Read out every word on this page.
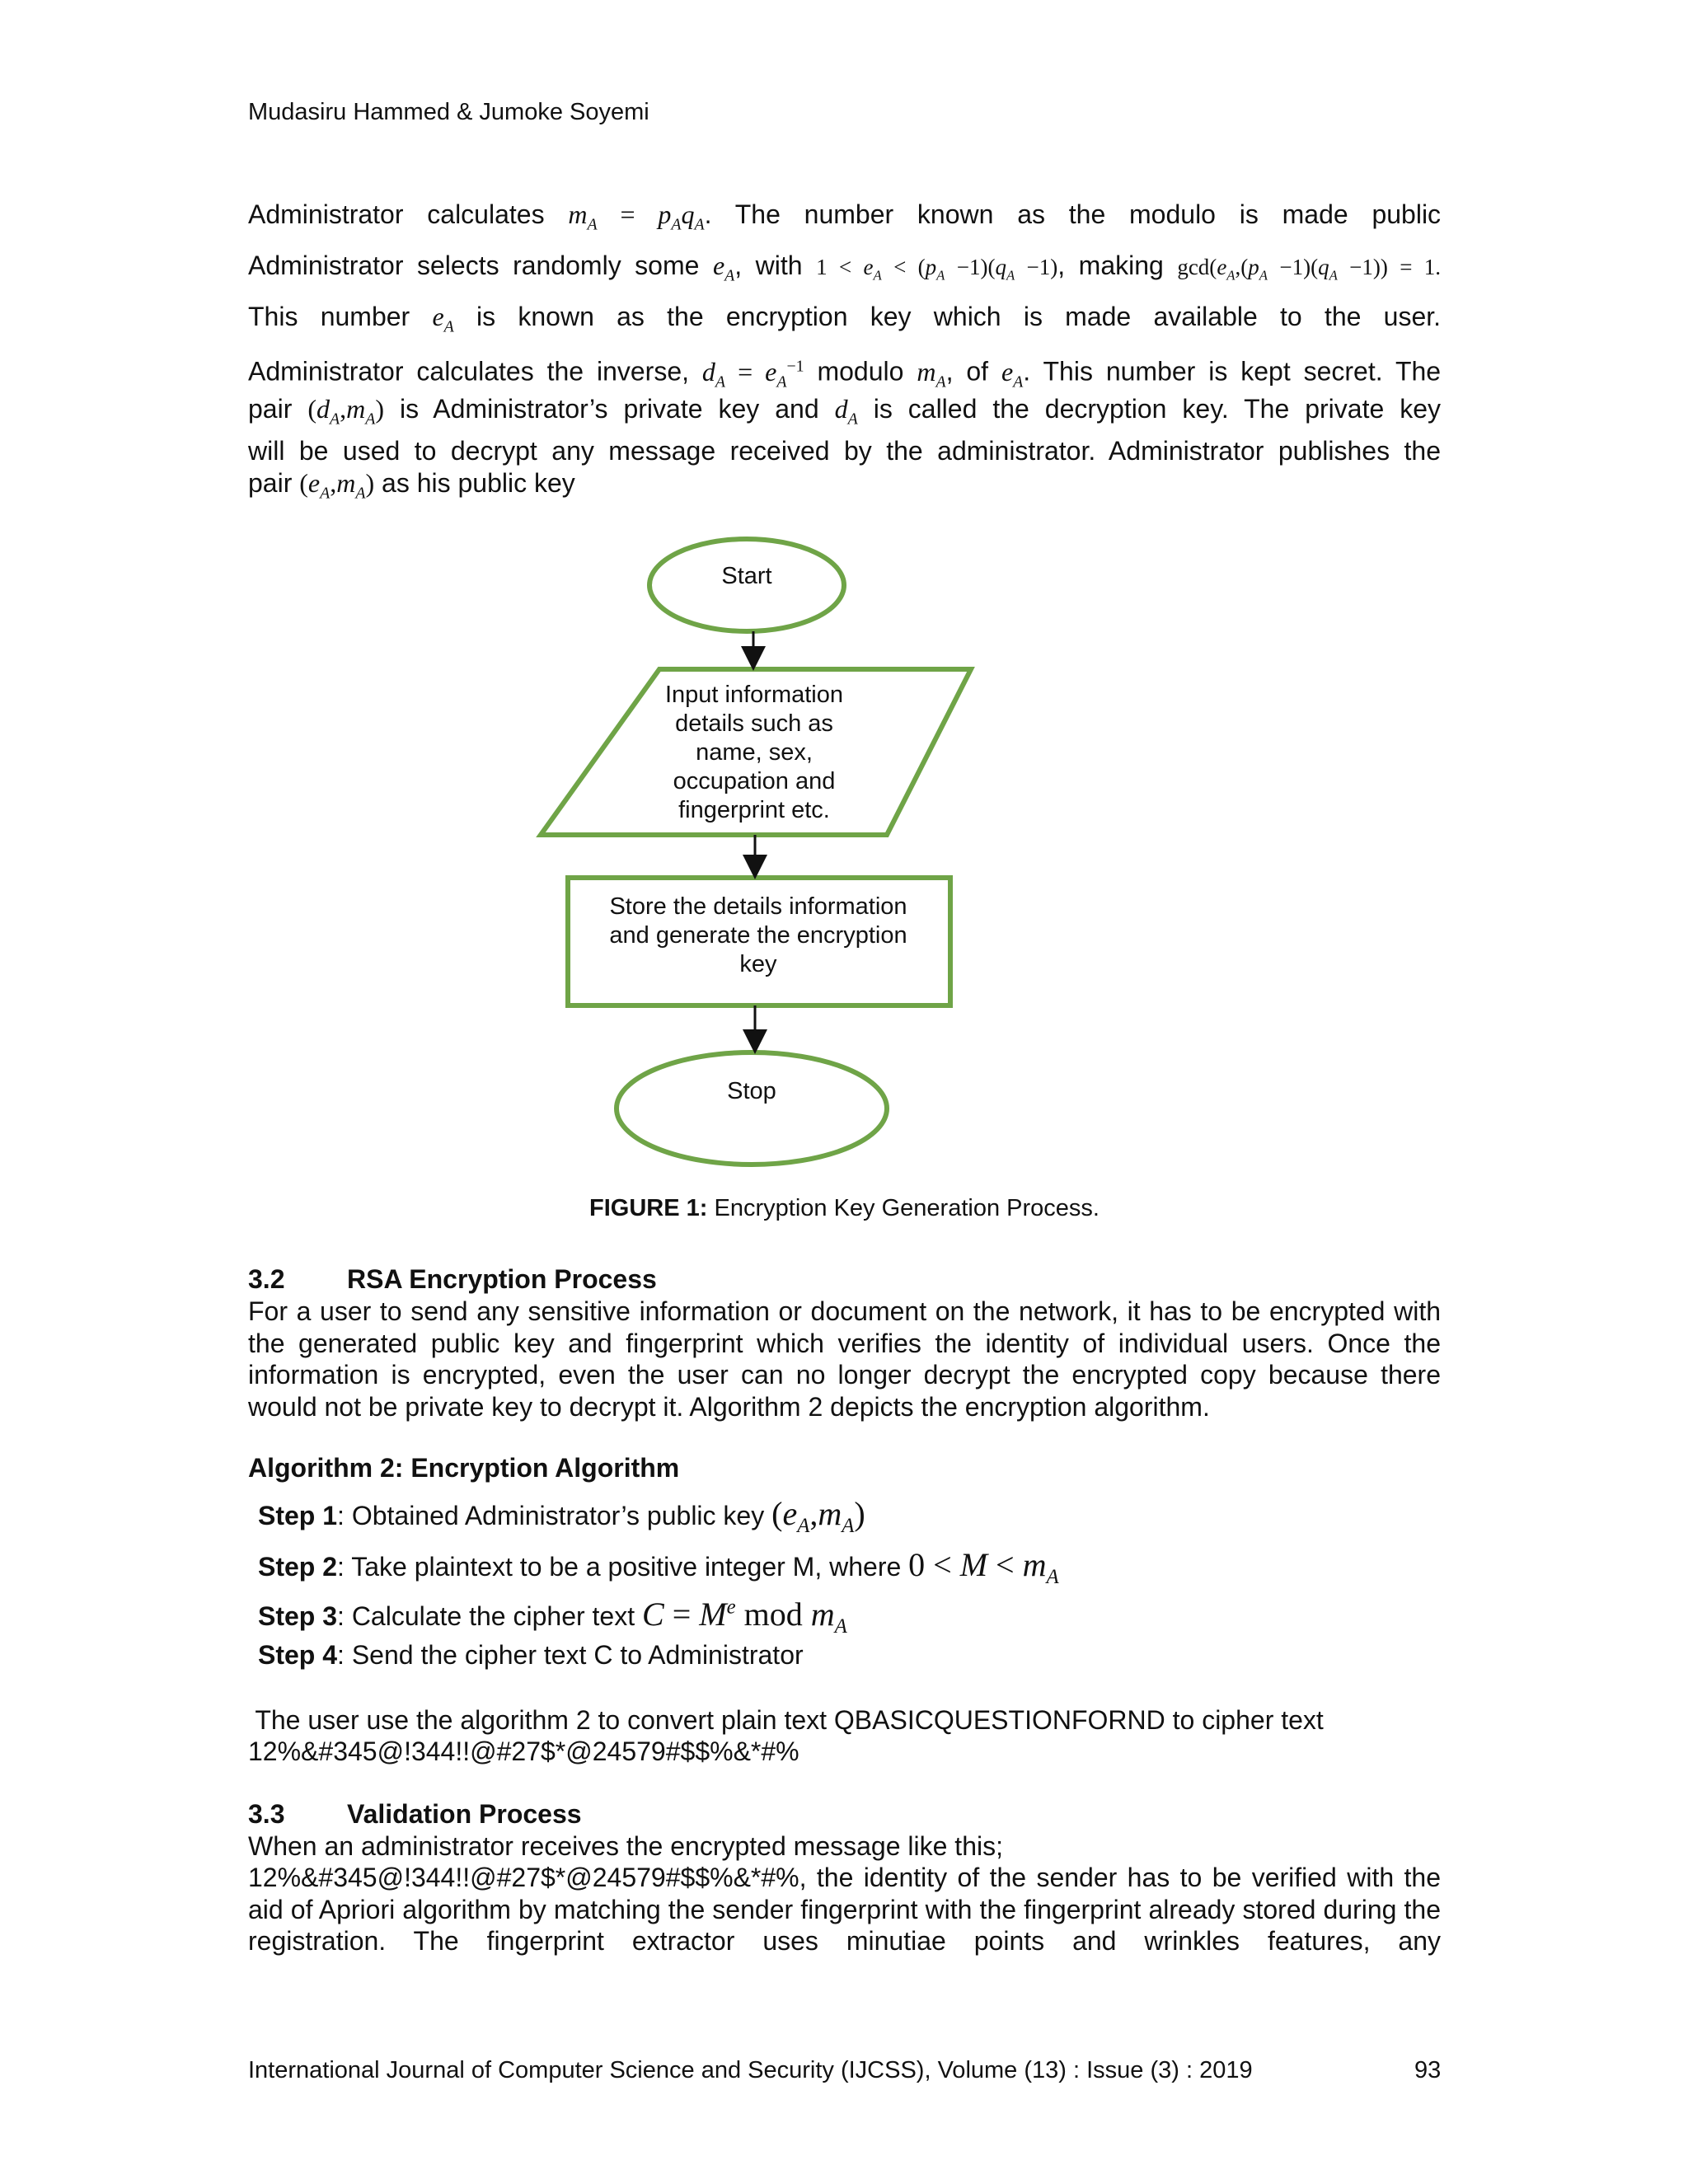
Mudasiru Hammed & Jumoke Soyemi
Administrator calculates $m_A = p_Aq_A$. The number known as the modulo is made public
Administrator selects randomly some $e_A$, with $1 < e_A < (p_A -1)(q_A -1)$, making $\gcd(e_A,(p_A -1)(q_A -1)) = 1$.
This number $e_A$ is known as the encryption key which is made available to the user.
Administrator calculates the inverse, $d_A = e_A^{-1}$ modulo $m_A$, of $e_A$. This number is kept secret. The
pair $(d_A,m_A)$ is Administrator’s private key and $d_A$ is called the decryption key. The private key
will be used to decrypt any message received by the administrator. Administrator publishes the
pair $(e_A,m_A)$ as his public key
Start
Input information details such as name, sex, occupation and fingerprint etc.
Store the details information and generate the encryption key
Stop
FIGURE 1: Encryption Key Generation Process.
3.2 RSA Encryption Process
For a user to send any sensitive information or document on the network, it has to be encrypted with the generated public key and fingerprint which verifies the identity of individual users. Once the information is encrypted, even the user can no longer decrypt the encrypted copy because there would not be private key to decrypt it. Algorithm 2 depicts the encryption algorithm.
Algorithm 2: Encryption Algorithm
Step 1: Obtained Administrator’s public key $(e_A,m_A)$
Step 2: Take plaintext to be a positive integer M, where $0 < M < m_A$
Step 3: Calculate the cipher text $C = M^e$ mod $m_A$
Step 4: Send the cipher text C to Administrator
The user use the algorithm 2 to convert plain text QBASICQUESTIONFORND to cipher text
12%&#345@!344!!@#27$*@24579#$$%&*#%
3.3 Validation Process
When an administrator receives the encrypted message like this;
12%&#345@!344!!@#27$*@24579#$$%&*#%, the identity of the sender has to be verified with the aid of Apriori algorithm by matching the sender fingerprint with the fingerprint already stored during the registration. The fingerprint extractor uses minutiae points and wrinkles features, any
International Journal of Computer Science and Security (IJCSS), Volume (13) : Issue (3) : 2019	93
